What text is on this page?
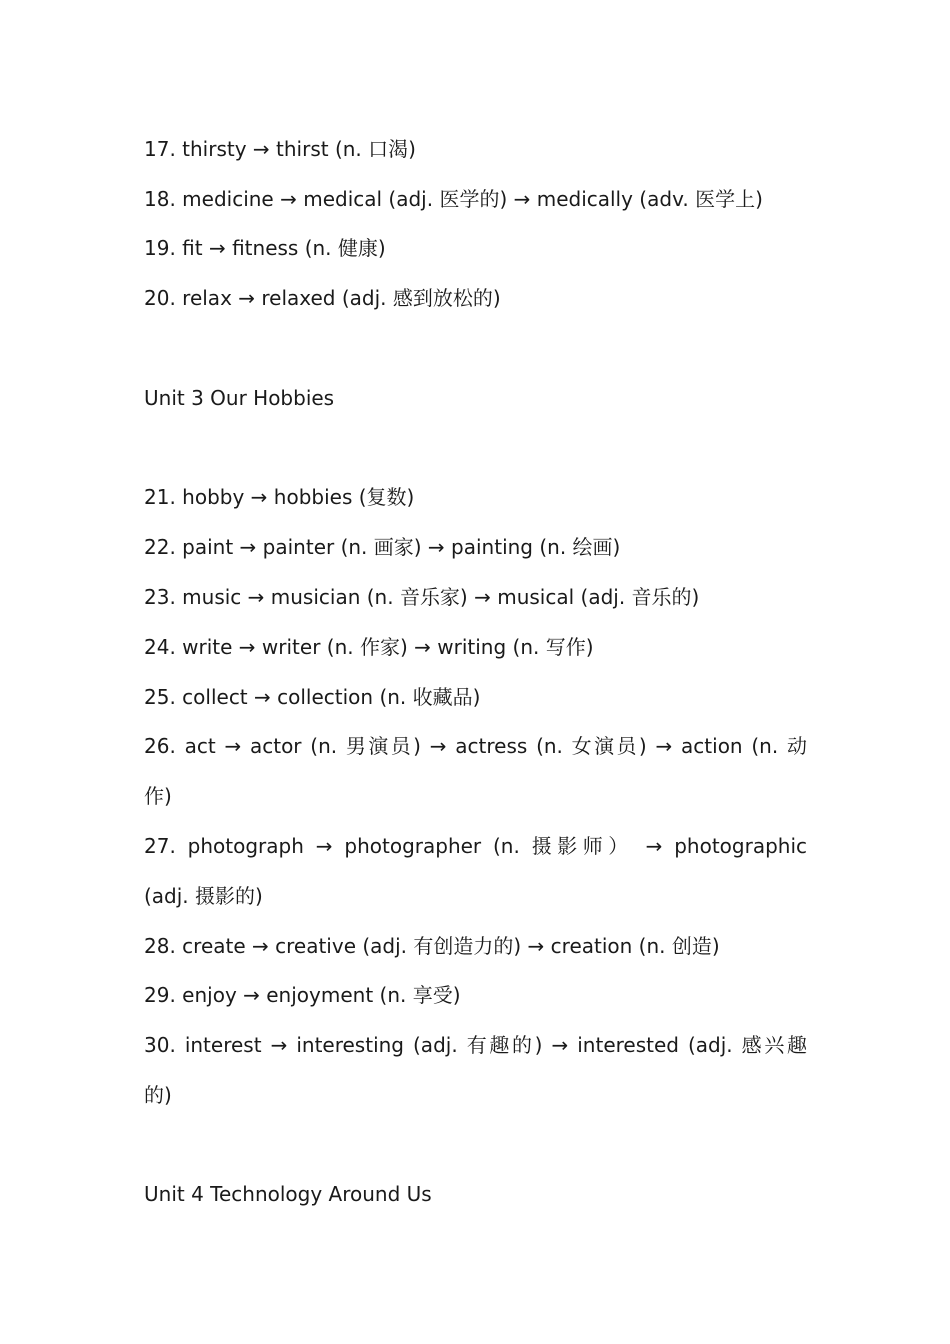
17. thirsty → thirst (n. 口渴)
18. medicine → medical (adj. 医学的) → medically (adv. 医学上)
19. fit → fitness (n. 健康)
20. relax → relaxed (adj. 感到放松的)
Unit 3 Our Hobbies
21. hobby → hobbies (复数)
22. paint → painter (n. 画家) → painting (n. 绘画)
23. music → musician (n. 音乐家) → musical (adj. 音乐的)
24. write → writer (n. 作家) → writing (n. 写作)
25. collect → collection (n. 收藏品)
26. act → actor (n. 男演员) → actress (n. 女演员) → action (n. 动
作)
27. photograph → photographer (n. 摄影师） → photographic
(adj. 摄影的)
28. create → creative (adj. 有创造力的) → creation (n. 创造)
29. enjoy → enjoyment (n. 享受)
30. interest → interesting (adj. 有趣的) → interested (adj. 感兴趣
的)
Unit 4 Technology Around Us
